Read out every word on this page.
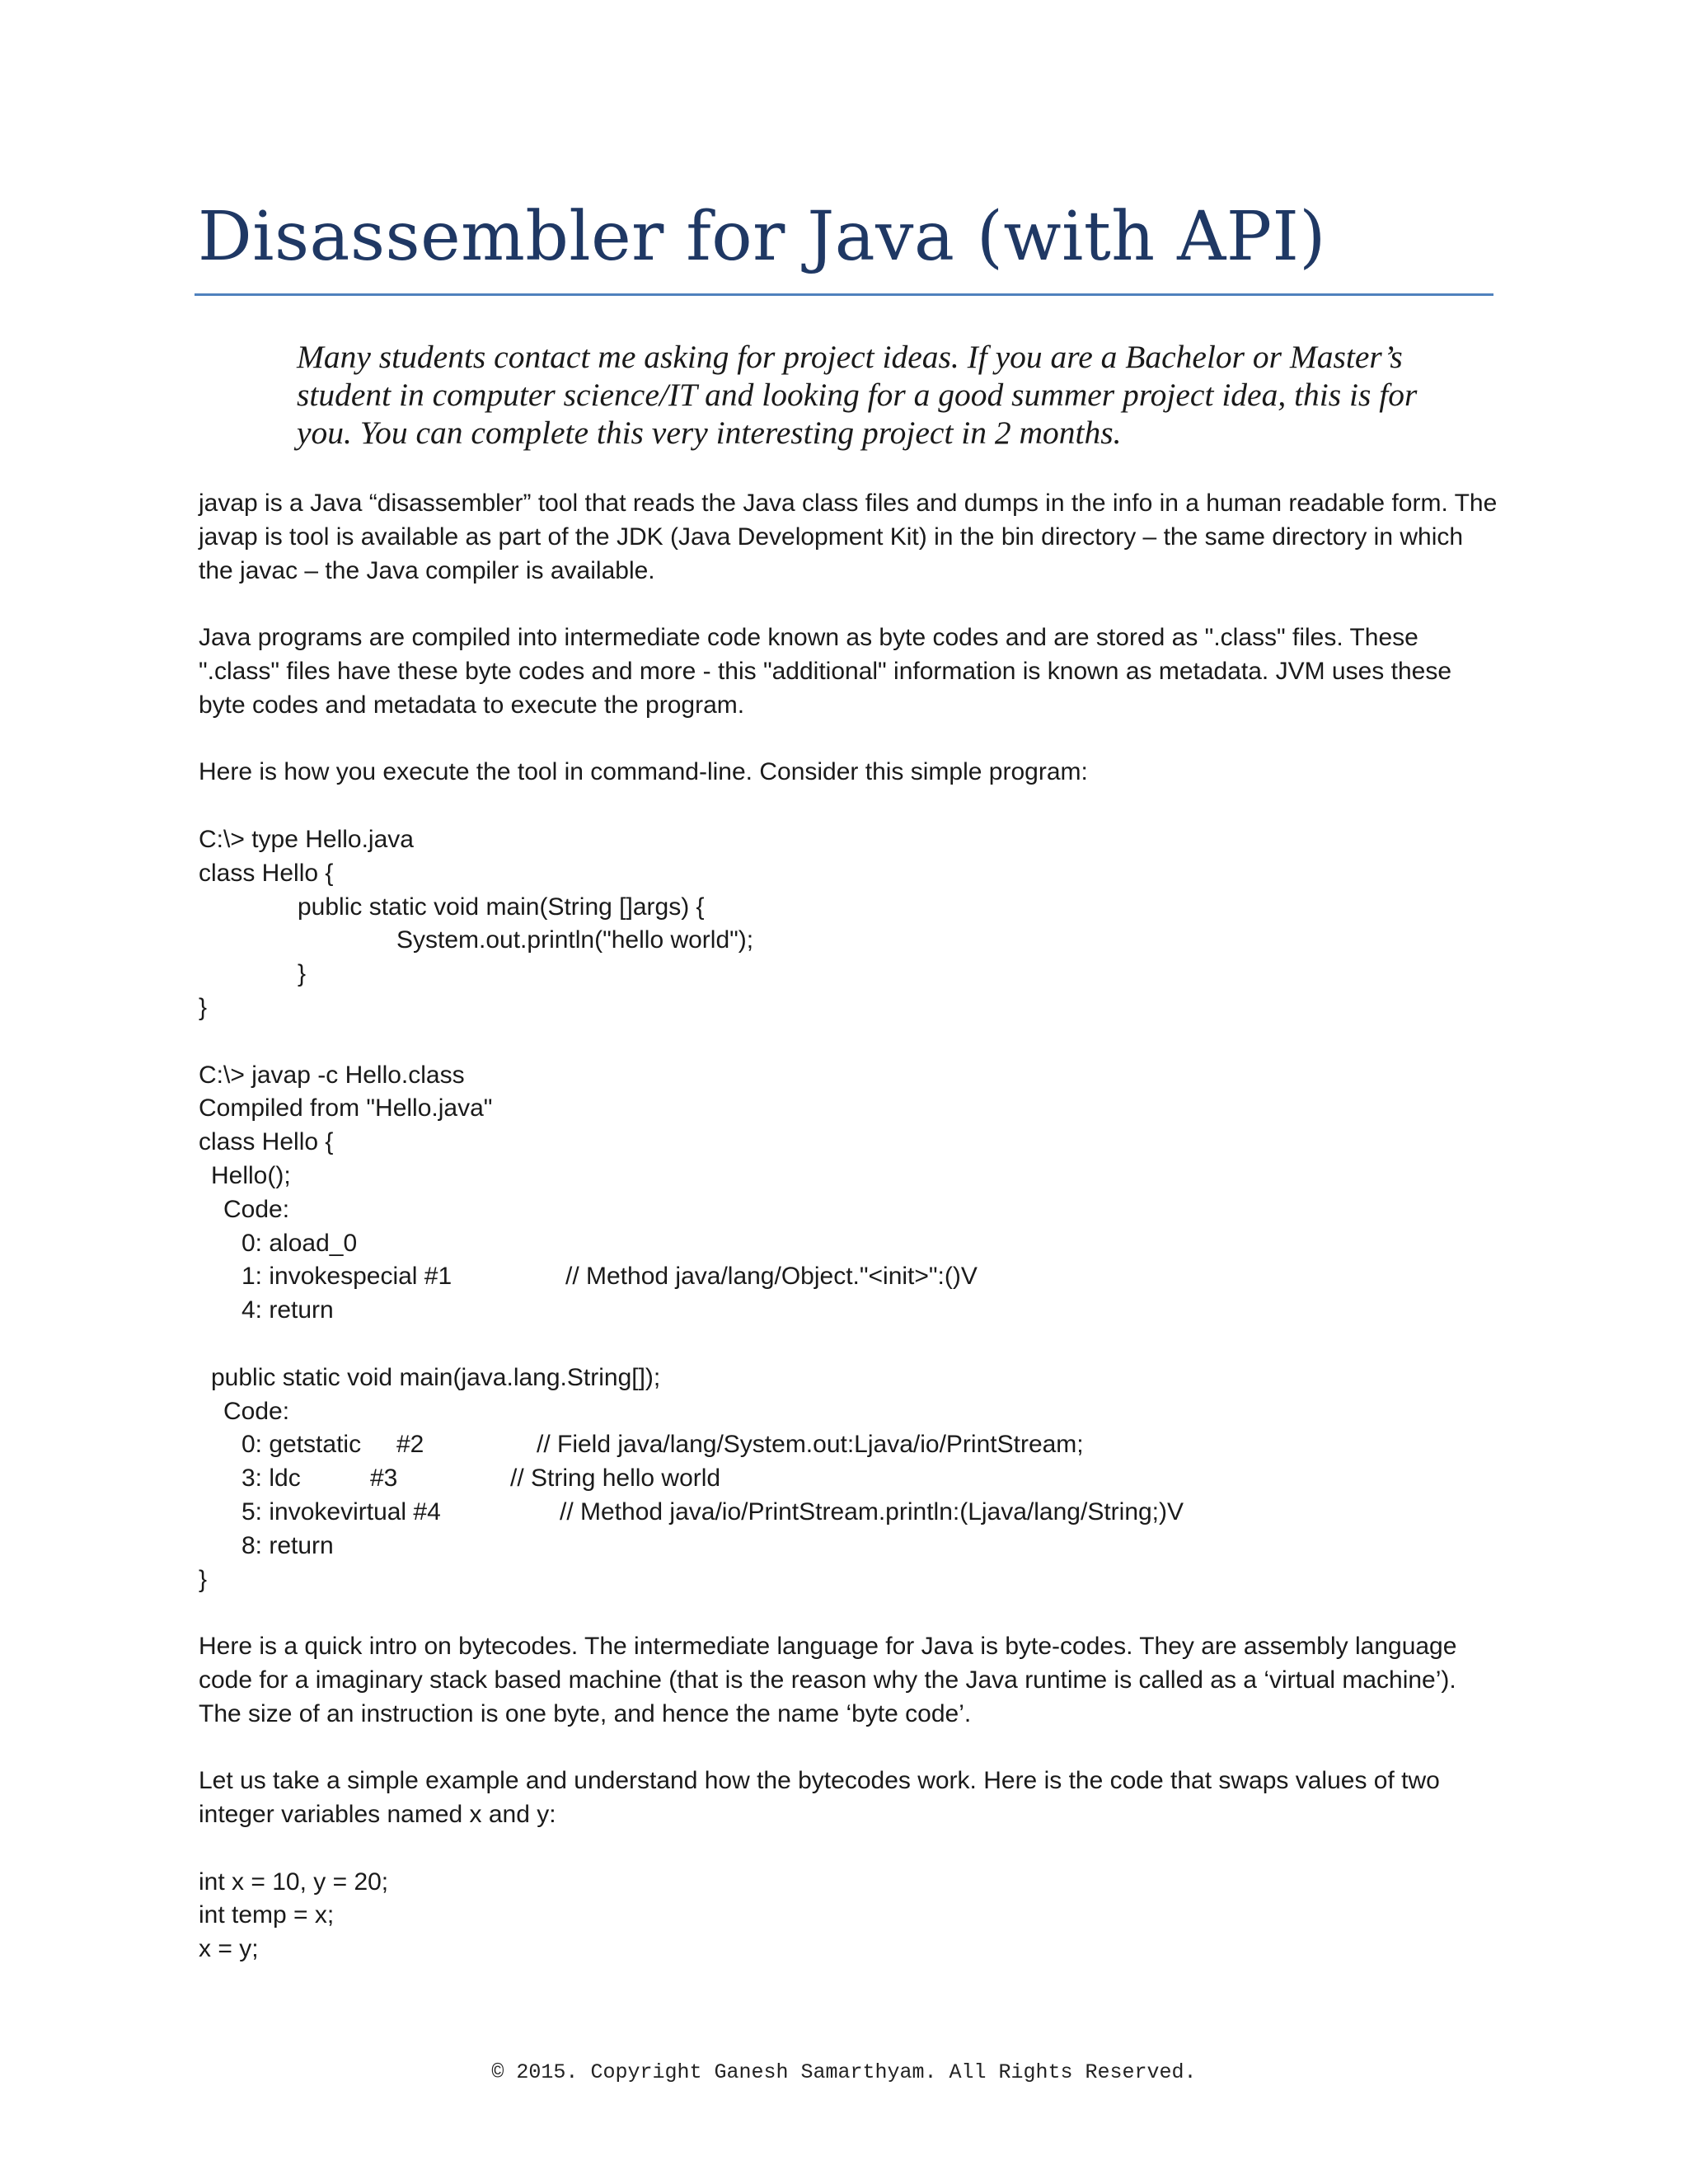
Disassembler for Java (with API)

Many students contact me asking for project ideas. If you are a Bachelor or Master’s student in computer science/IT and looking for a good summer project idea, this is for you. You can complete this very interesting project in 2 months.

javap is a Java “disassembler” tool that reads the Java class files and dumps in the info in a human readable form. The javap is tool is available as part of the JDK (Java Development Kit) in the bin directory – the same directory in which the javac – the Java compiler is available.

Java programs are compiled into intermediate code known as byte codes and are stored as ".class" files. These ".class" files have these byte codes and more - this "additional" information is known as metadata. JVM uses these byte codes and metadata to execute the program.

Here is how you execute the tool in command-line. Consider this simple program:

C:\> type Hello.java
class Hello {
public static void main(String []args) {
System.out.println("hello world");
}
}
C:\> javap -c Hello.class
Compiled from "Hello.java"
class Hello {
Hello();
Code:
0: aload_0

1: invokespecial #1

	// Method java/lang/Object."<init>":()V

4: return
public static void main(java.lang.String[]);
Code:

0: getstatic

#2

	// Field java/lang/System.out:Ljava/io/PrintStream;

3: ldc

	#3

	// String hello world

5: invokevirtual #4

	// Method java/io/PrintStream.println:(Ljava/lang/String;)V

8: return
}

Here is a quick intro on bytecodes. The intermediate language for Java is byte-codes. They are assembly language code for a imaginary stack based machine (that is the reason why the Java runtime is called as a ‘virtual machine’). The size of an instruction is one byte, and hence the name ‘byte code’.

Let us take a simple example and understand how the bytecodes work. Here is the code that swaps values of two integer variables named x and y:

int x = 10, y = 20;
int temp = x;
x = y;
© 2015. Copyright Ganesh Samarthyam. All Rights Reserved.
